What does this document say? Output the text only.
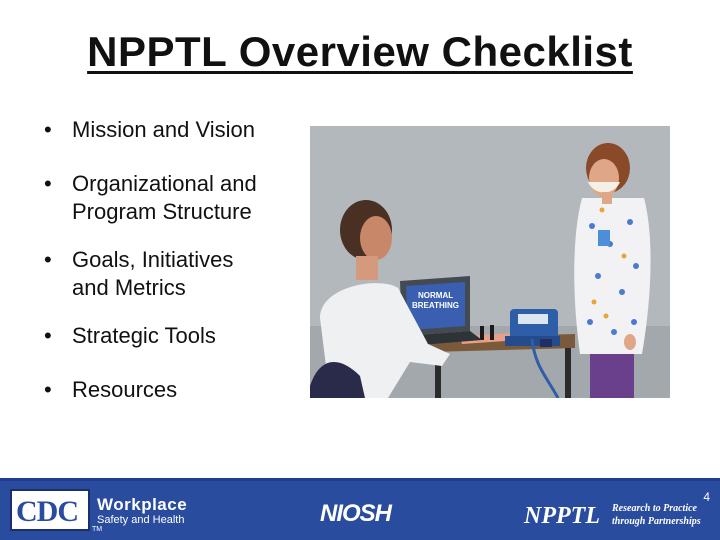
NPPTL Overview Checklist
• Mission and Vision
• Organizational and
Program Structure
• Goals, Initiatives
and Metrics
• Strategic Tools
• Resources
NORMAL
BREATHING
4
CDC
TM
Workplace
Safety and Health	NIOSH	NPPTL Research to Practice
through Partnerships
